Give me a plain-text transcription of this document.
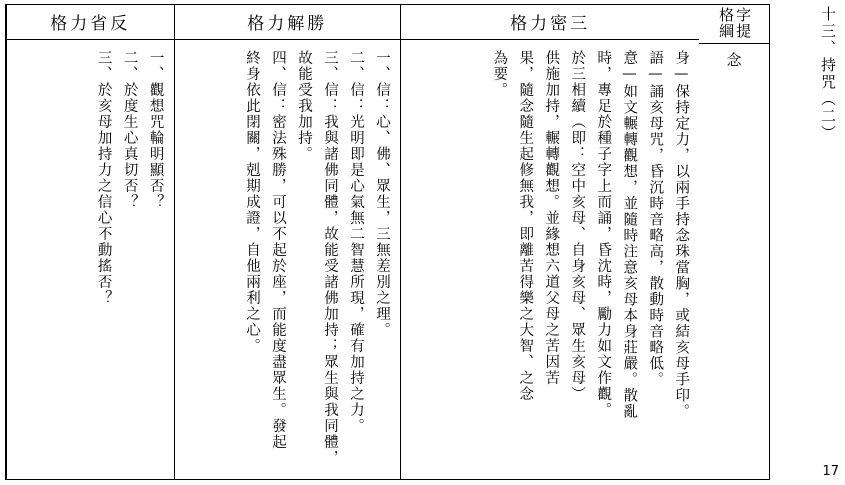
十三、持咒（二）
17
字提格綱
念
格力密三
身—保持定力，以兩手持念珠當胸，或結亥母手印。
語—誦亥母咒，昏沉時音略高，散動時音略低。
意—如文輾轉觀想，並隨時注意亥母本身莊嚴。散亂
時，專足於種子字上而誦，昏沈時，勵力如文作觀。
於三相續（即：空中亥母、自身亥母、眾生亥母）
供施加持，輾轉觀想。並緣想六道父母之苦因苦
果，隨念隨生起修無我，即離苦得樂之大智、之念
為要。
格力解勝
一、信：心、佛、眾生，三無差別之理。
二、信：光明即是心氣無二智慧所現，確有加持之力。
三、信：我與諸佛同體，故能受諸佛加持；眾生與我同體，
故能受我加持。
四、信：密法殊勝，可以不起於座，而能度盡眾生。發起
終身依此閉關，剋期成證，自他兩利之心。
格力省反
一、觀想咒輪明顯否？
二、於度生心真切否？
三、於亥母加持力之信心不動搖否？
